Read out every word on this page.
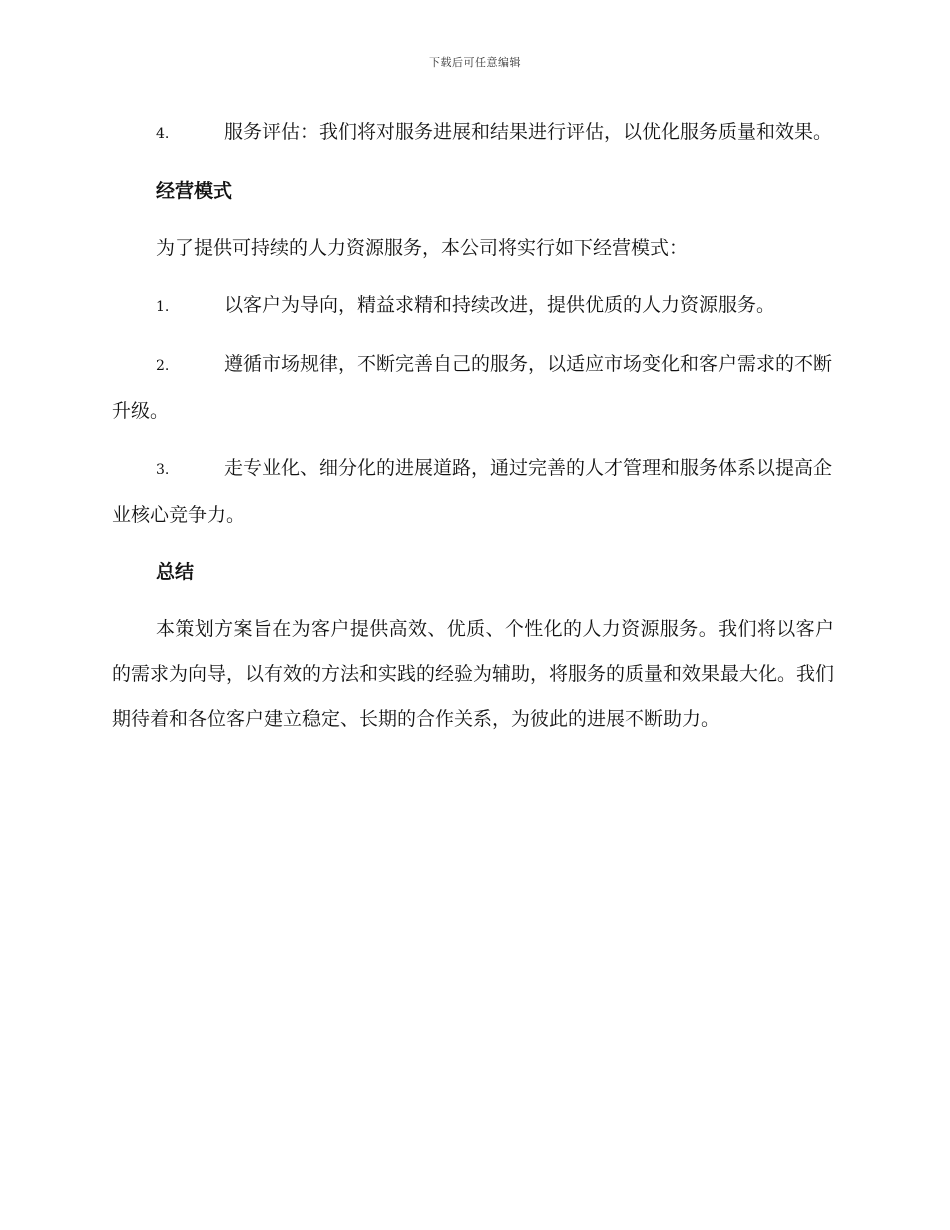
下载后可任意编辑

4.	服务评估：我们将对服务进展和结果进行评估，以优化服务质量和效果。

经营模式

为了提供可持续的人力资源服务，本公司将实行如下经营模式：

1.	以客户为导向，精益求精和持续改进，提供优质的人力资源服务。

2.	遵循市场规律，不断完善自己的服务，以适应市场变化和客户需求的不断升级。

3.	走专业化、细分化的进展道路，通过完善的人才管理和服务体系以提高企业核心竞争力。

总结

本策划方案旨在为客户提供高效、优质、个性化的人力资源服务。我们将以客户的需求为向导，以有效的方法和实践的经验为辅助，将服务的质量和效果最大化。我们期待着和各位客户建立稳定、长期的合作关系，为彼此的进展不断助力。
